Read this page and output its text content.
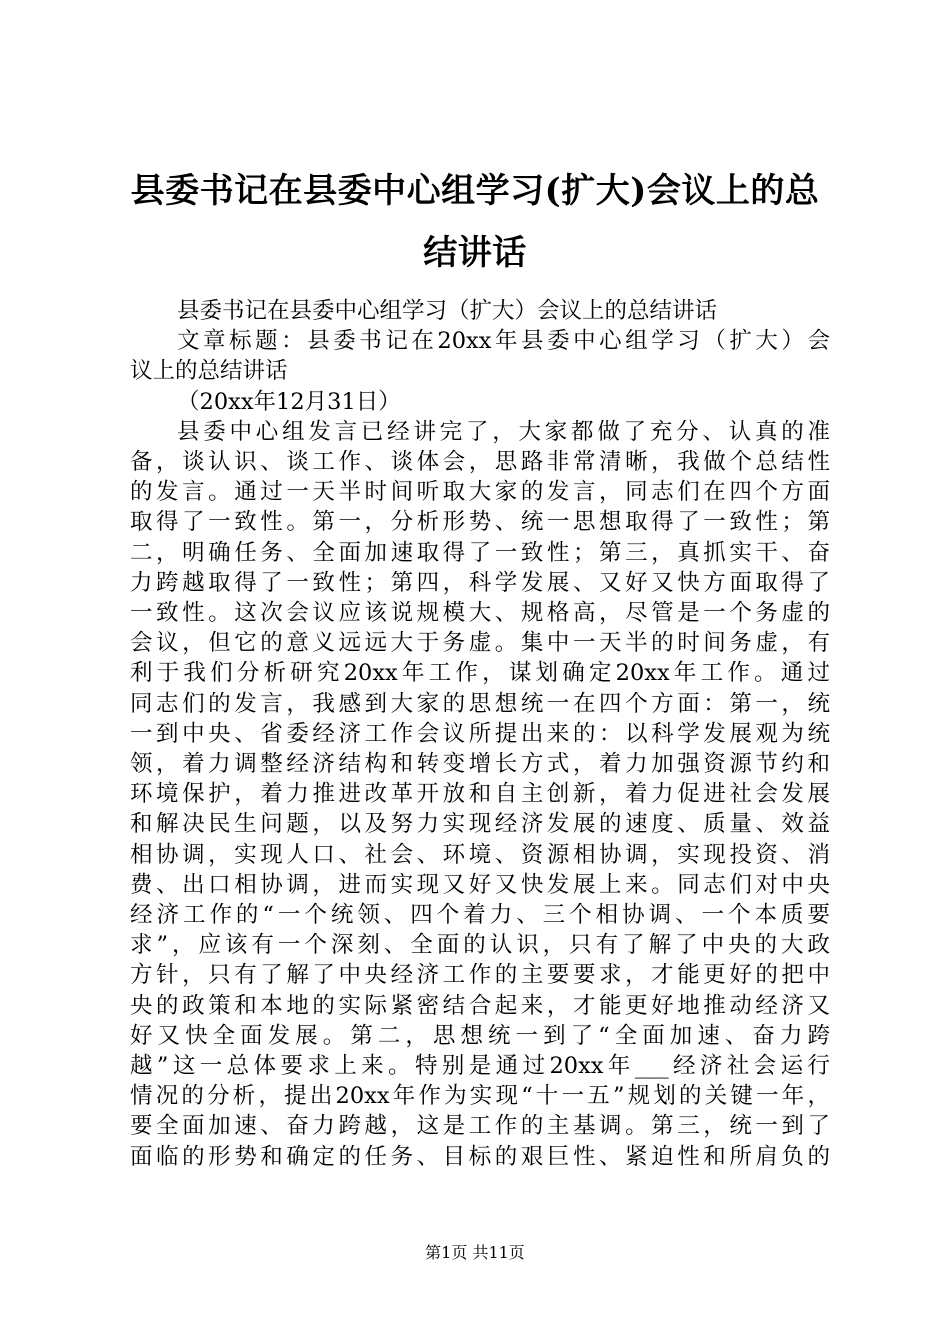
县委书记在县委中心组学习(扩大)会议上的总
结讲话
县委书记在县委中心组学习（扩大）会议上的总结讲话
文章标题：县委书记在20xx年县委中心组学习（扩大）会
议上的总结讲话
（20xx年12月31日）
县委中心组发言已经讲完了，大家都做了充分、认真的准
备，谈认识、谈工作、谈体会，思路非常清晰，我做个总结性
的发言。通过一天半时间听取大家的发言，同志们在四个方面
取得了一致性。第一，分析形势、统一思想取得了一致性；第
二，明确任务、全面加速取得了一致性；第三，真抓实干、奋
力跨越取得了一致性；第四，科学发展、又好又快方面取得了
一致性。这次会议应该说规模大、规格高，尽管是一个务虚的
会议，但它的意义远远大于务虚。集中一天半的时间务虚，有
利于我们分析研究20xx年工作，谋划确定20xx年工作。通过
同志们的发言，我感到大家的思想统一在四个方面：第一，统
一到中央、省委经济工作会议所提出来的：以科学发展观为统
领，着力调整经济结构和转变增长方式，着力加强资源节约和
环境保护，着力推进改革开放和自主创新，着力促进社会发展
和解决民生问题，以及努力实现经济发展的速度、质量、效益
相协调，实现人口、社会、环境、资源相协调，实现投资、消
费、出口相协调，进而实现又好又快发展上来。同志们对中央
经济工作的“一个统领、四个着力、三个相协调、一个本质要
求”，应该有一个深刻、全面的认识，只有了解了中央的大政
方针，只有了解了中央经济工作的主要要求，才能更好的把中
央的政策和本地的实际紧密结合起来，才能更好地推动经济又
好又快全面发展。第二，思想统一到了“全面加速、奋力跨
越”这一总体要求上来。特别是通过20xx年___经济社会运行
情况的分析，提出20xx年作为实现“十一五”规划的关键一年，
要全面加速、奋力跨越，这是工作的主基调。第三，统一到了
面临的形势和确定的任务、目标的艰巨性、紧迫性和所肩负的
第1页 共11页
